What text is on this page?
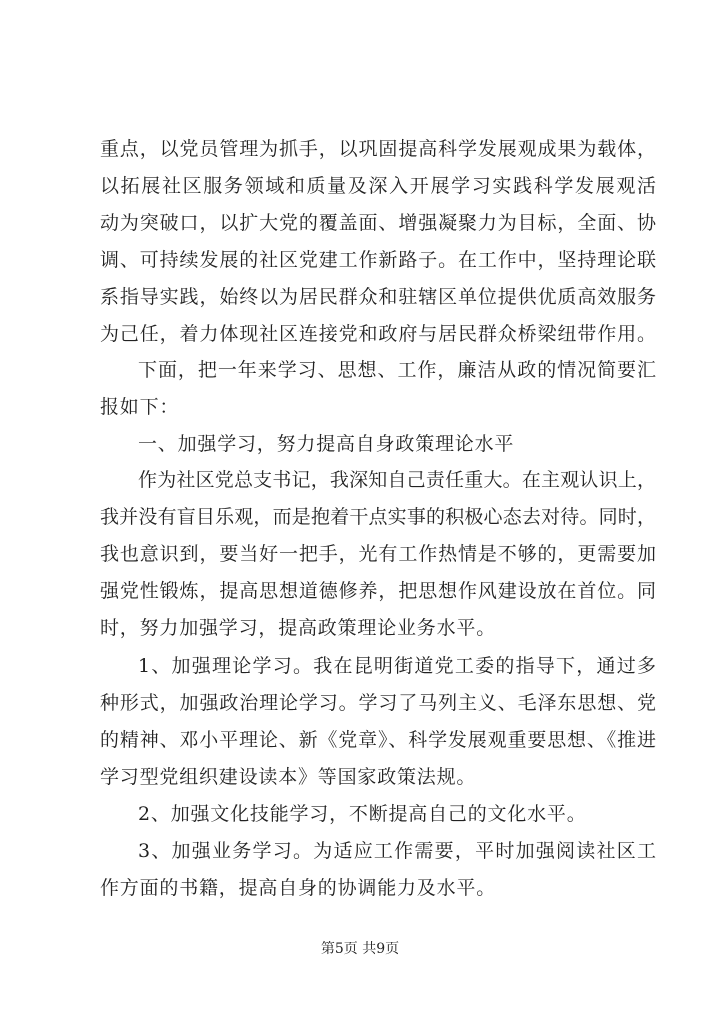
重点，以党员管理为抓手，以巩固提高科学发展观成果为载体，
以拓展社区服务领域和质量及深入开展学习实践科学发展观活
动为突破口，以扩大党的覆盖面、增强凝聚力为目标，全面、协
调、可持续发展的社区党建工作新路子。在工作中，坚持理论联
系指导实践，始终以为居民群众和驻辖区单位提供优质高效服务
为己任，着力体现社区连接党和政府与居民群众桥梁纽带作用。
下面，把一年来学习、思想、工作，廉洁从政的情况简要汇
报如下：
一、加强学习，努力提高自身政策理论水平
作为社区党总支书记，我深知自己责任重大。在主观认识上，
我并没有盲目乐观，而是抱着干点实事的积极心态去对待。同时，
我也意识到，要当好一把手，光有工作热情是不够的，更需要加
强党性锻炼，提高思想道德修养，把思想作风建设放在首位。同
时，努力加强学习，提高政策理论业务水平。
1、加强理论学习。我在昆明街道党工委的指导下，通过多
种形式，加强政治理论学习。学习了马列主义、毛泽东思想、党
的精神、邓小平理论、新《党章》、科学发展观重要思想、《推进
学习型党组织建设读本》等国家政策法规。
2、加强文化技能学习，不断提高自己的文化水平。
3、加强业务学习。为适应工作需要，平时加强阅读社区工
作方面的书籍，提高自身的协调能力及水平。
第5页 共9页
